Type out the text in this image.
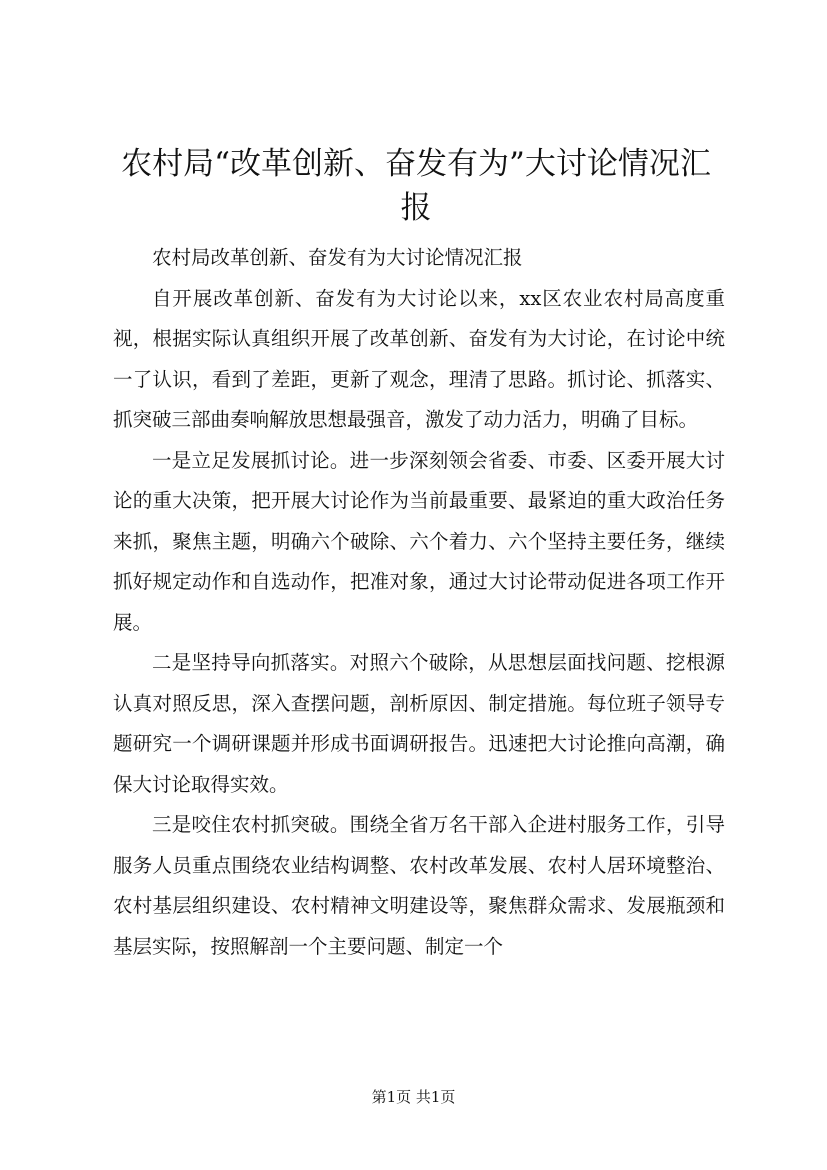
农村局“改革创新、奋发有为”大讨论情况汇
报

农村局改革创新、奋发有为大讨论情况汇报

自开展改革创新、奋发有为大讨论以来，xx区农业农村局高度重视，根据实际认真组织开展了改革创新、奋发有为大讨论，在讨论中统一了认识，看到了差距，更新了观念，理清了思路。抓讨论、抓落实、抓突破三部曲奏响解放思想最强音，激发了动力活力，明确了目标。

一是立足发展抓讨论。进一步深刻领会省委、市委、区委开展大讨论的重大决策，把开展大讨论作为当前最重要、最紧迫的重大政治任务来抓，聚焦主题，明确六个破除、六个着力、六个坚持主要任务，继续抓好规定动作和自选动作，把准对象，通过大讨论带动促进各项工作开展。

二是坚持导向抓落实。对照六个破除，从思想层面找问题、挖根源认真对照反思，深入查摆问题，剖析原因、制定措施。每位班子领导专题研究一个调研课题并形成书面调研报告。迅速把大讨论推向高潮，确保大讨论取得实效。

三是咬住农村抓突破。围绕全省万名干部入企进村服务工作，引导服务人员重点围绕农业结构调整、农村改革发展、农村人居环境整治、农村基层组织建设、农村精神文明建设等，聚焦群众需求、发展瓶颈和基层实际，按照解剖一个主要问题、制定一个

第1页 共1页
